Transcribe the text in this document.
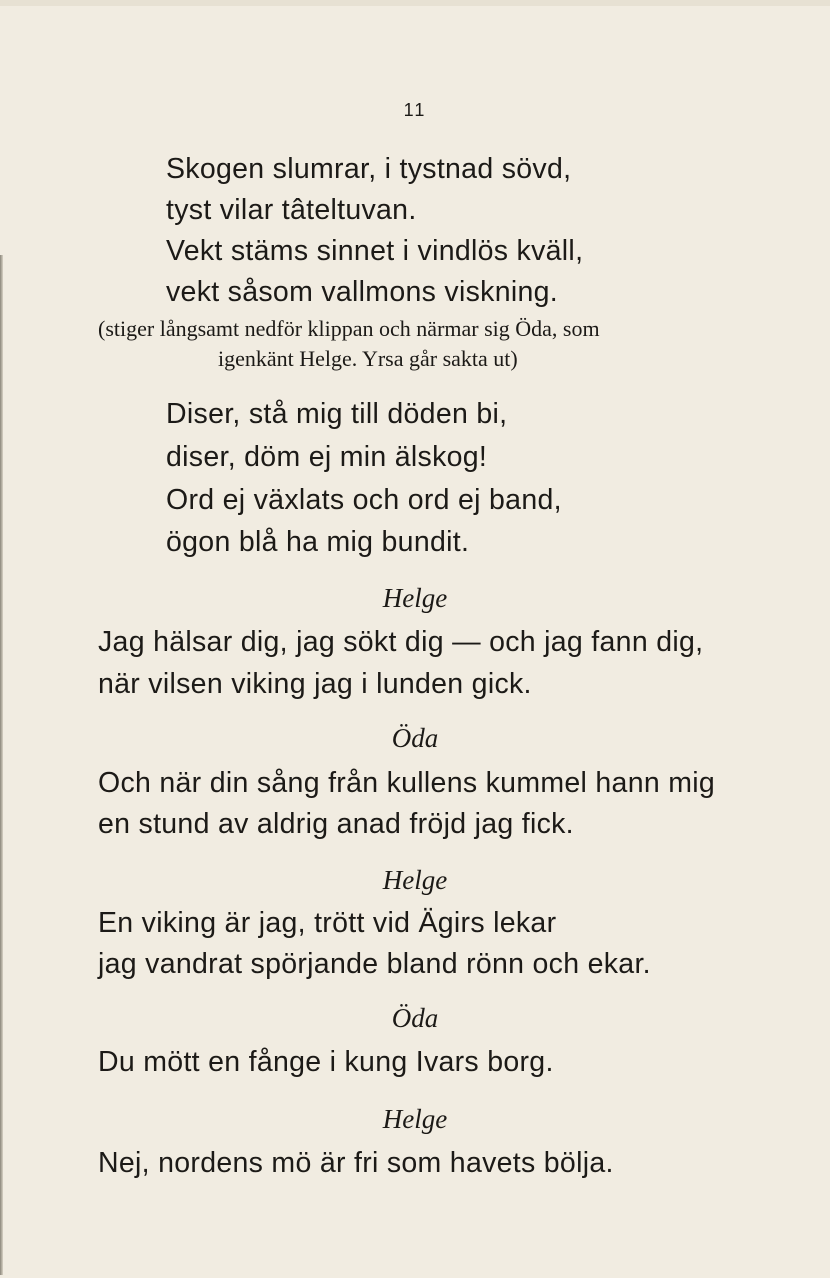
11
Skogen slumrar, i tystnad sövd,
tyst vilar tâteltuvan.
Vekt stäms sinnet i vindlös kväll,
vekt såsom vallmons viskning.
(stiger långsamt nedför klippan och närmar sig Öda, som
igenkänt Helge. Yrsa går sakta ut)
Diser, stå mig till döden bi,
diser, döm ej min älskog!
Ord ej växlats och ord ej band,
ögon blå ha mig bundit.
Helge
Jag hälsar dig, jag sökt dig — och jag fann dig,
när vilsen viking jag i lunden gick.
Öda
Och när din sång från kullens kummel hann mig
en stund av aldrig anad fröjd jag fick.
Helge
En viking är jag, trött vid Ägirs lekar
jag vandrat spörjande bland rönn och ekar.
Öda
Du mött en fånge i kung Ivars borg.
Helge
Nej, nordens mö är fri som havets bölja.
